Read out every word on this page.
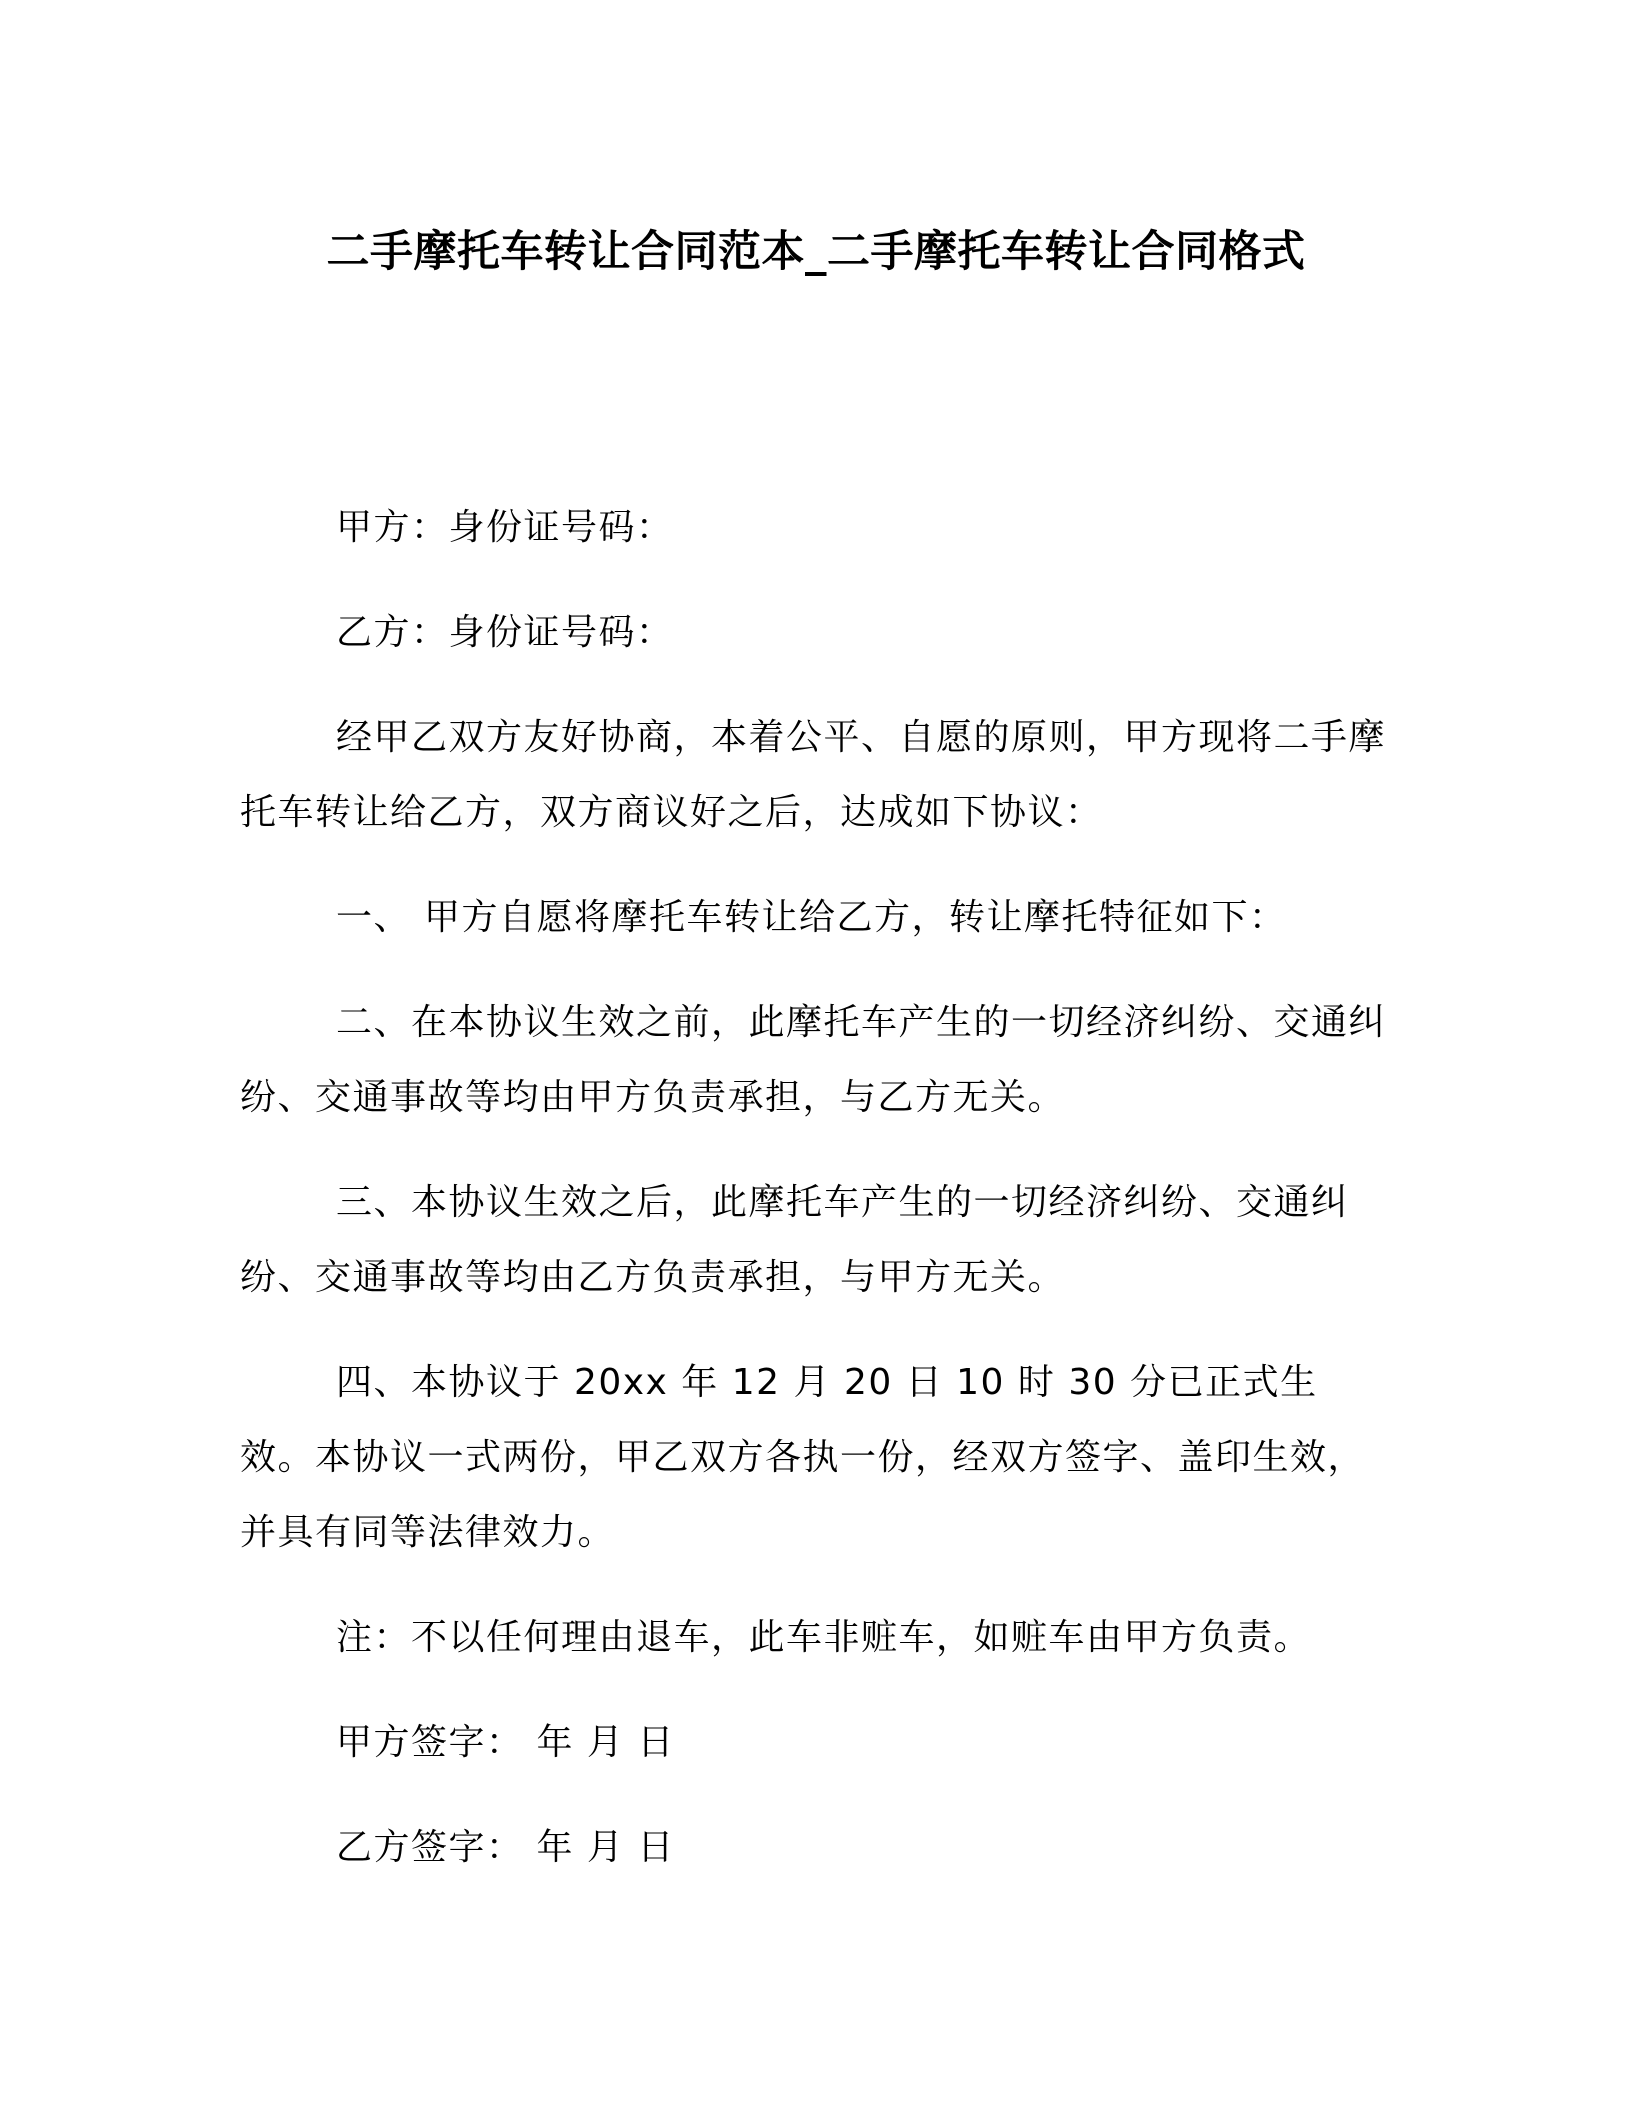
二手摩托车转让合同范本_二手摩托车转让合同格式

甲方：身份证号码：

乙方：身份证号码：

经甲乙双方友好协商，本着公平、自愿的原则，甲方现将二手摩托车转让给乙方，双方商议好之后，达成如下协议：

一、 甲方自愿将摩托车转让给乙方，转让摩托特征如下：

二、在本协议生效之前，此摩托车产生的一切经济纠纷、交通纠纷、交通事故等均由甲方负责承担，与乙方无关。

三、本协议生效之后，此摩托车产生的一切经济纠纷、交通纠纷、交通事故等均由乙方负责承担，与甲方无关。

四、本协议于 20xx 年 12 月 20 日 10 时 30 分已正式生效。本协议一式两份，甲乙双方各执一份，经双方签字、盖印生效，并具有同等法律效力。

注：不以任何理由退车，此车非赃车，如赃车由甲方负责。

甲方签字： 年 月 日

乙方签字： 年 月 日
